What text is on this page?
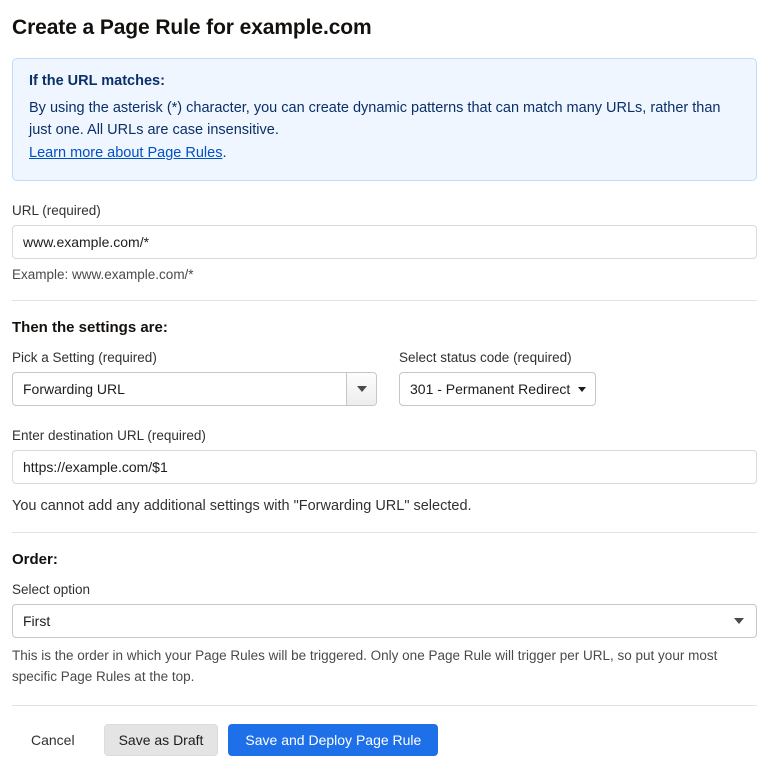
Create a Page Rule for example.com
If the URL matches:
By using the asterisk (*) character, you can create dynamic patterns that can match many URLs, rather than just one. All URLs are case insensitive.
Learn more about Page Rules.
URL (required)
www.example.com/*
Example: www.example.com/*
Then the settings are:
Pick a Setting (required)
Forwarding URL
Select status code (required)
301 - Permanent Redirect
Enter destination URL (required)
https://example.com/$1
You cannot add any additional settings with "Forwarding URL" selected.
Order:
Select option
First
This is the order in which your Page Rules will be triggered. Only one Page Rule will trigger per URL, so put your most specific Page Rules at the top.
Cancel	Save as Draft	Save and Deploy Page Rule
